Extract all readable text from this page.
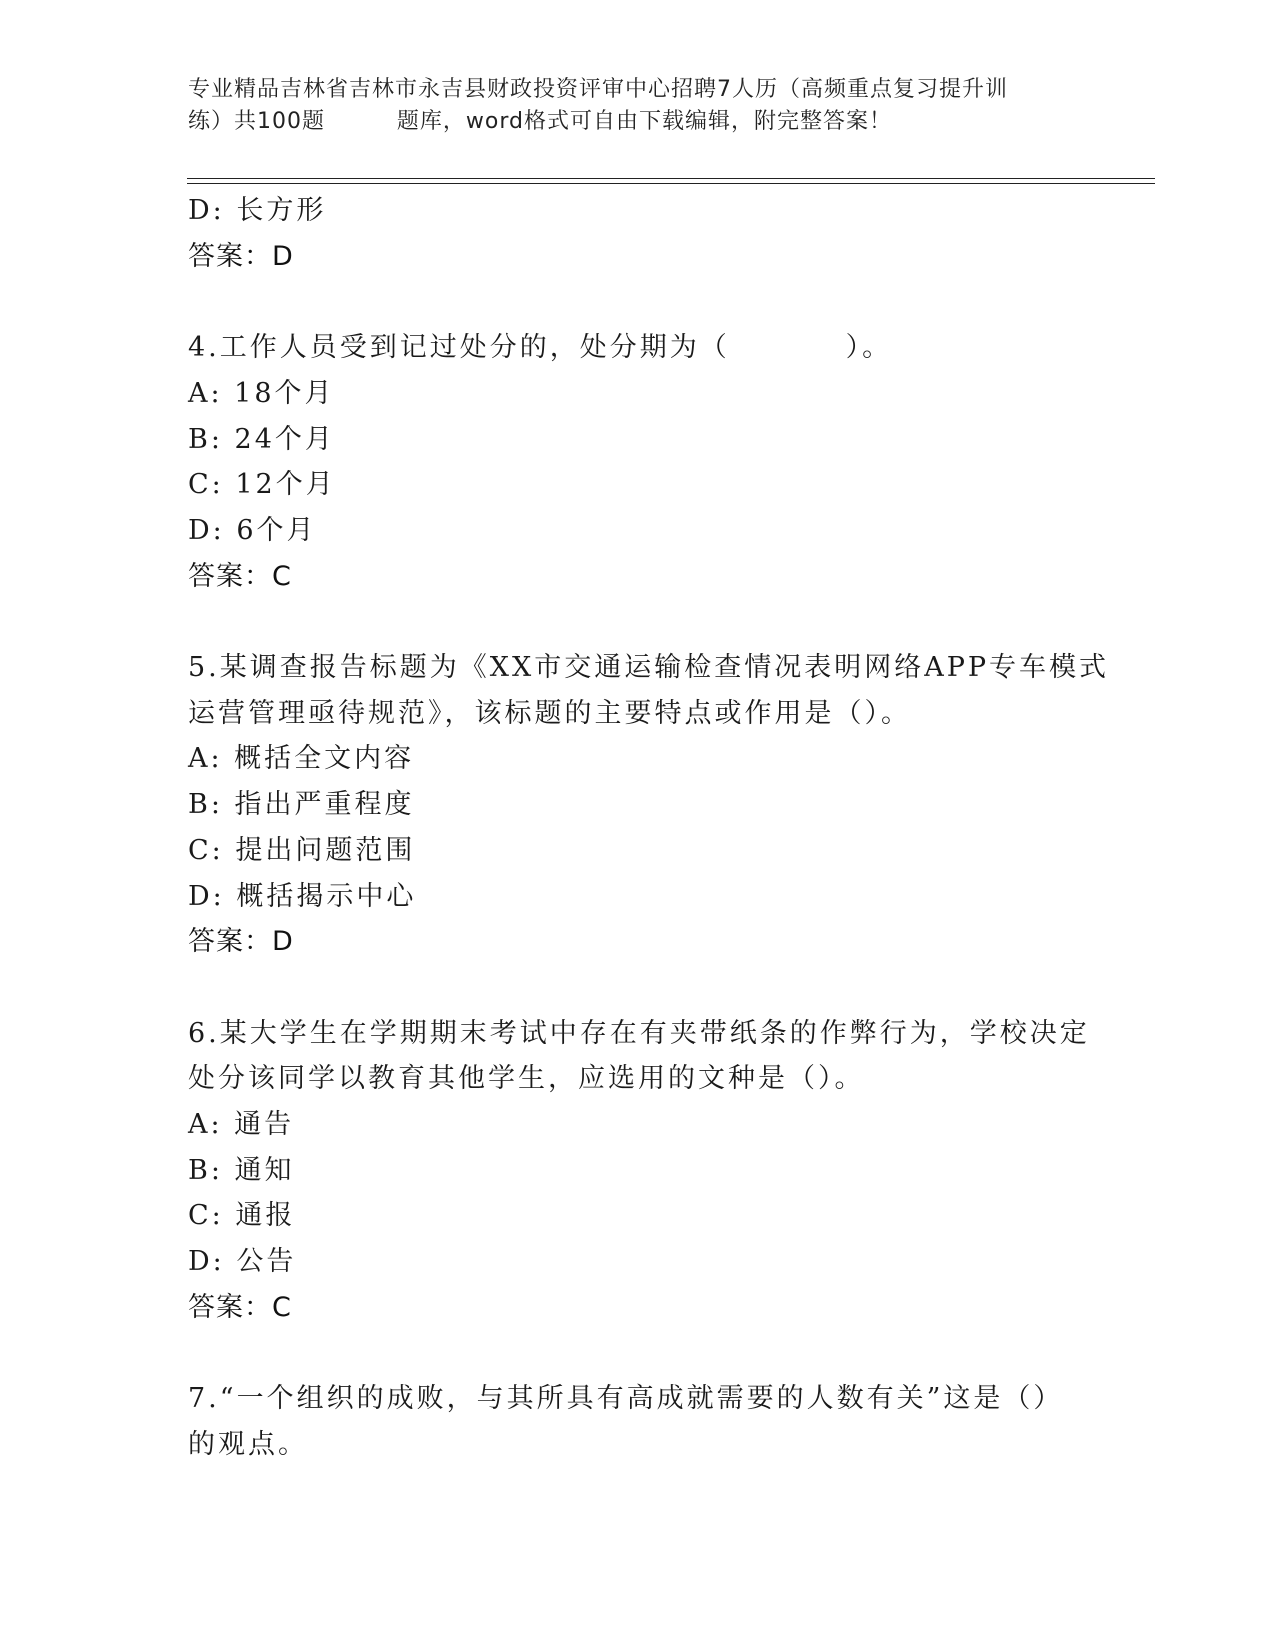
专业精品吉林省吉林市永吉县财政投资评审中心招聘7人历（高频重点复习提升训
练）共100题         题库，word格式可自由下载编辑，附完整答案！
D: 长方形
答案：D
4.工作人员受到记过处分的，处分期为（          ）。
A: 18个月
B: 24个月
C: 12个月
D: 6个月
答案：C
5.某调查报告标题为《XX市交通运输检查情况表明网络APP专车模式
运营管理亟待规范》，该标题的主要特点或作用是（）。
A: 概括全文内容
B: 指出严重程度
C: 提出问题范围
D: 概括揭示中心
答案：D
6.某大学生在学期期末考试中存在有夹带纸条的作弊行为，学校决定
处分该同学以教育其他学生，应选用的文种是（）。
A: 通告
B: 通知
C: 通报
D: 公告
答案：C
7.“一个组织的成败，与其所具有高成就需要的人数有关”这是（）
的观点。
